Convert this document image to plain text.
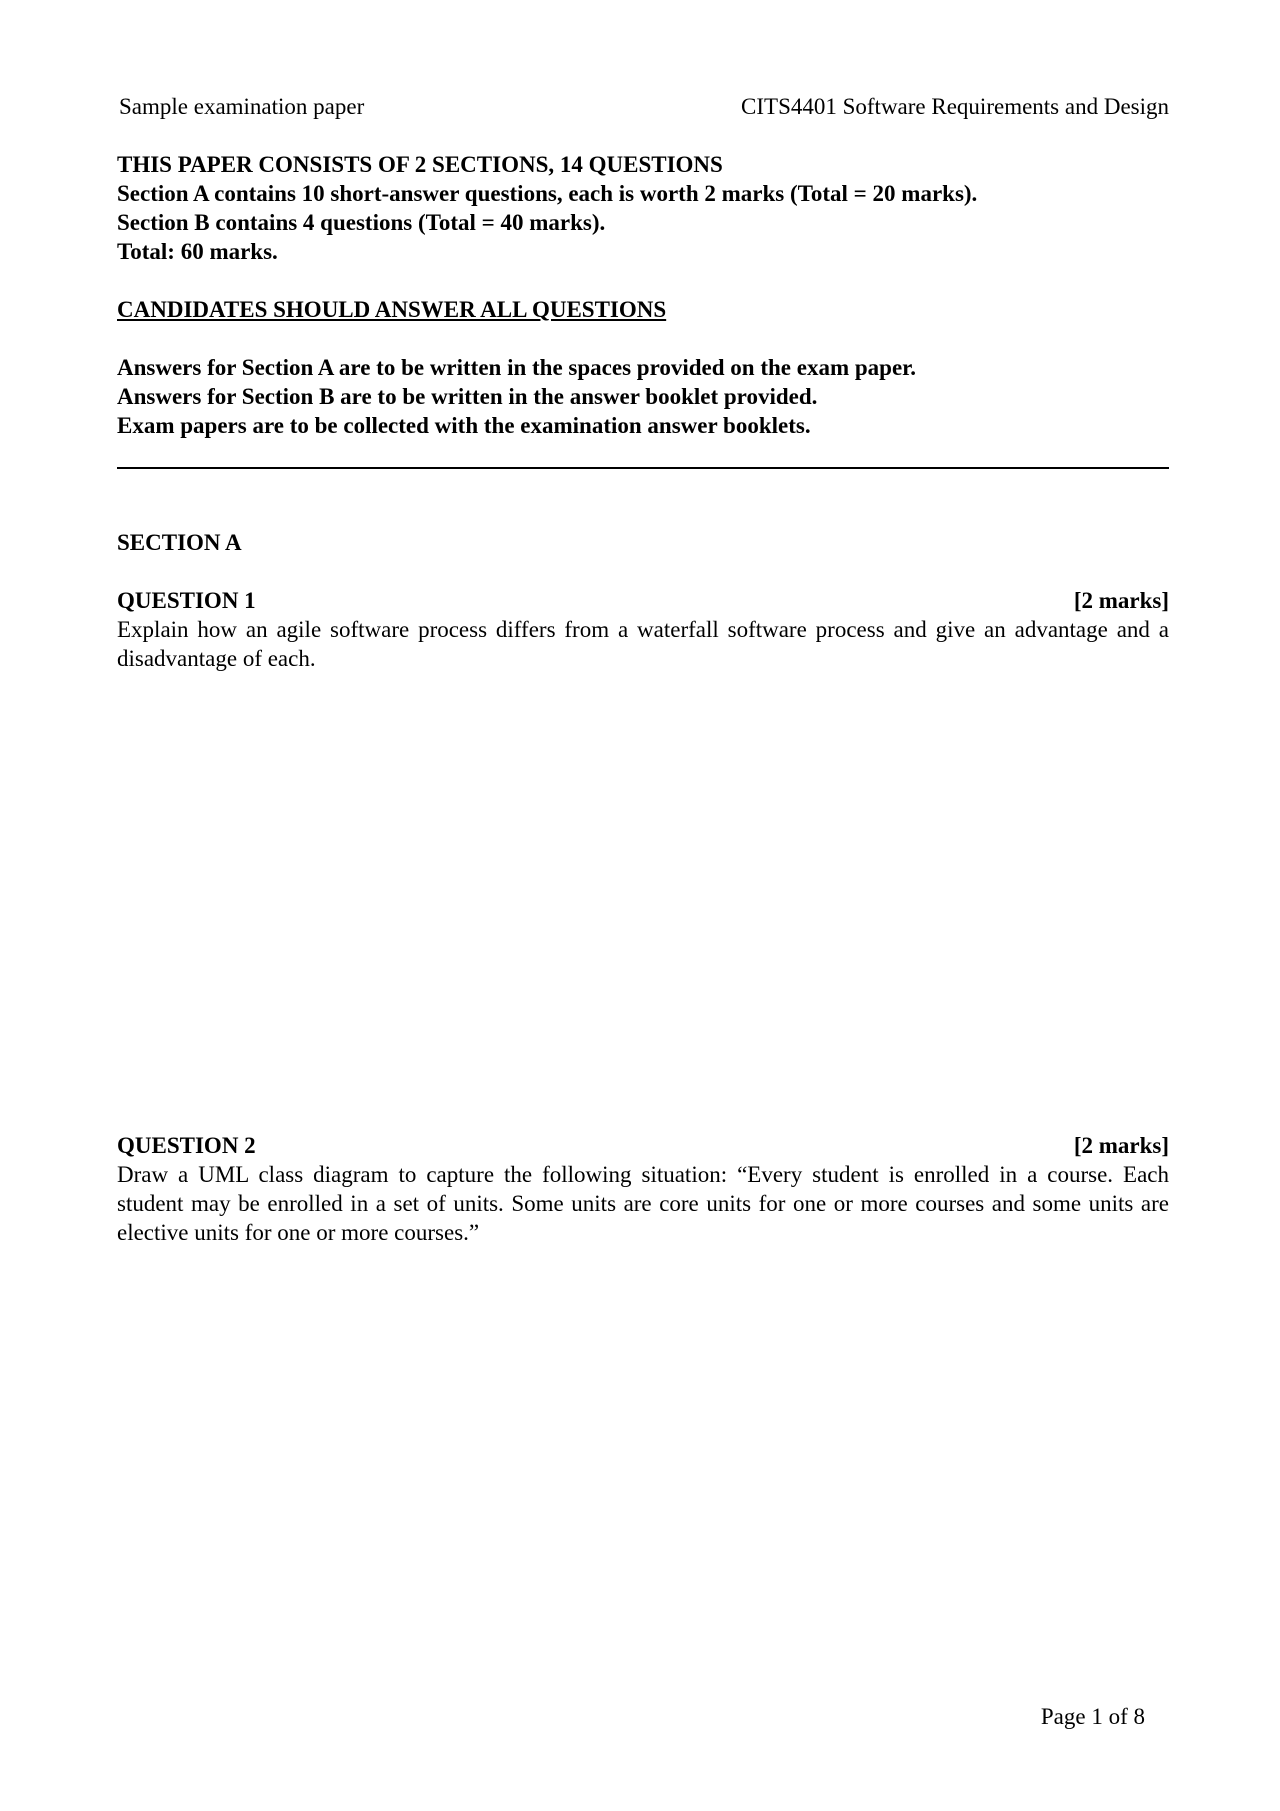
Sample examination paper	CITS4401 Software Requirements and Design
THIS PAPER CONSISTS OF 2 SECTIONS, 14 QUESTIONS
Section A contains 10 short-answer questions, each is worth 2 marks (Total = 20 marks).
Section B contains 4 questions (Total = 40 marks).
Total: 60 marks.
CANDIDATES SHOULD ANSWER ALL QUESTIONS
Answers for Section A are to be written in the spaces provided on the exam paper.
Answers for Section B are to be written in the answer booklet provided.
Exam papers are to be collected with the examination answer booklets.
SECTION A
QUESTION 1	[2 marks]
Explain how an agile software process differs from a waterfall software process and give an advantage and a disadvantage of each.
QUESTION 2	[2 marks]
Draw a UML class diagram to capture the following situation: “Every student is enrolled in a course. Each student may be enrolled in a set of units. Some units are core units for one or more courses and some units are elective units for one or more courses.”
Page 1 of 8
